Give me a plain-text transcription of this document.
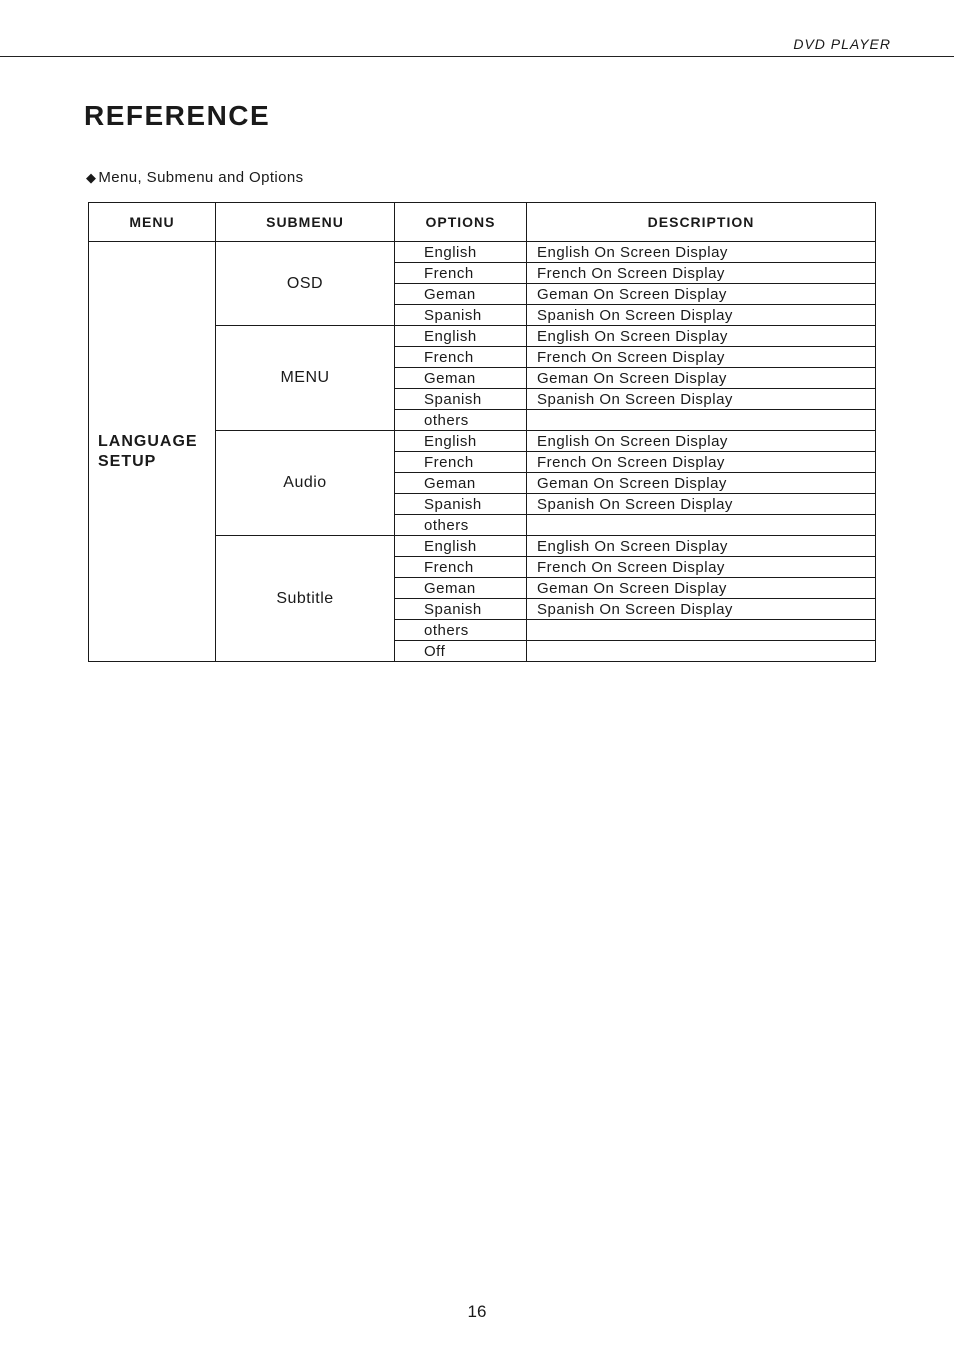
DVD PLAYER
REFERENCE
◆ Menu, Submenu and Options
MENU	SUBMENU	OPTIONS	DESCRIPTION

LANGUAGE
SETUP	OSD	English	English On Screen Display
		French	French On Screen Display
		Geman	Geman On Screen Display
		Spanish	Spanish On Screen Display
	MENU	English	English On Screen Display
		French	French On Screen Display
		Geman	Geman On Screen Display
		Spanish	Spanish On Screen Display
		others	
	Audio	English	English On Screen Display
		French	French On Screen Display
		Geman	Geman On Screen Display
		Spanish	Spanish On Screen Display
		others	
	Subtitle	English	English On Screen Display
		French	French On Screen Display
		Geman	Geman On Screen Display
		Spanish	Spanish On Screen Display
		others	
		Off	
16
